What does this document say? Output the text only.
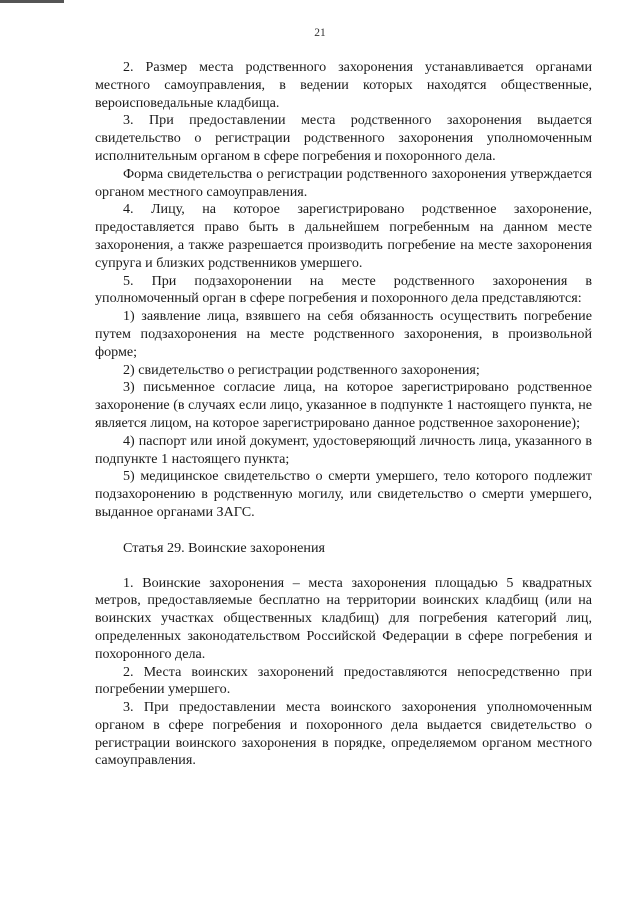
21

2. Размер места родственного захоронения устанавливается органами местного самоуправления, в ведении которых находятся общественные, вероисповедальные кладбища.

3. При предоставлении места родственного захоронения выдается свидетельство о регистрации родственного захоронения уполномоченным исполнительным органом в сфере погребения и похоронного дела.

Форма свидетельства о регистрации родственного захоронения утверждается органом местного самоуправления.

4. Лицу, на которое зарегистрировано родственное захоронение, предоставляется право быть в дальнейшем погребенным на данном месте захоронения, а также разрешается производить погребение на месте захоронения супруга и близких родственников умершего.

5. При подзахоронении на месте родственного захоронения в уполномоченный орган в сфере погребения и похоронного дела представляются:

1) заявление лица, взявшего на себя обязанность осуществить погребение путем подзахоронения на месте родственного захоронения, в произвольной форме;

2) свидетельство о регистрации родственного захоронения;

3) письменное согласие лица, на которое зарегистрировано родственное захоронение (в случаях если лицо, указанное в подпункте 1 настоящего пункта, не является лицом, на которое зарегистрировано данное родственное захоронение);

4) паспорт или иной документ, удостоверяющий личность лица, указанного в подпункте 1 настоящего пункта;

5) медицинское свидетельство о смерти умершего, тело которого подлежит подзахоронению в родственную могилу, или свидетельство о смерти умершего, выданное органами ЗАГС.

Статья 29. Воинские захоронения

1. Воинские захоронения – места захоронения площадью 5 квадратных метров, предоставляемые бесплатно на территории воинских кладбищ (или на воинских участках общественных кладбищ) для погребения категорий лиц, определенных законодательством Российской Федерации в сфере погребения и похоронного дела.

2. Места воинских захоронений предоставляются непосредственно при погребении умершего.

3. При предоставлении места воинского захоронения уполномоченным органом в сфере погребения и похоронного дела выдается свидетельство о регистрации воинского захоронения в порядке, определяемом органом местного самоуправления.
